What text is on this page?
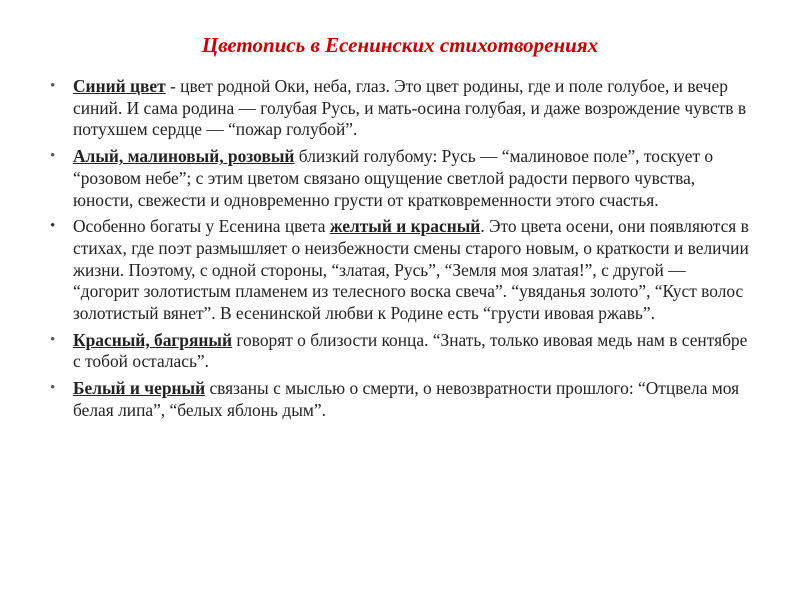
Цветопись в Есенинских стихотворениях
•	Синий цвет - цвет родной Оки, неба, глаз. Это цвет родины, где и поле голубое, и вечер синий. И сама родина — голубая Русь, и мать-осина голубая, и даже возрождение чувств в потухшем сердце — “пожар голубой”.
•	Алый, малиновый, розовый близкий голубому: Русь — “малиновое поле”, тоскует о “розовом небе”; с этим цветом связано ощущение светлой радости первого чувства, юности, свежести и одновременно грусти от кратковременности этого счастья.
•	Особенно богаты у Есенина цвета желтый и красный. Это цвета осени, они появляются в стихах, где поэт размышляет о неизбежности смены старого новым, о краткости и величии жизни. Поэтому, с одной стороны, “златая, Русь”, “Земля моя златая!”, с другой — “догорит золотистым пламенем из телесного воска свеча”. “увяданья золото”, “Куст волос золотистый вянет”. В есенинской любви к Родине есть “грусти ивовая ржавь”.
•	Красный, багряный говорят о близости конца. “Знать, только ивовая медь нам в сентябре с тобой осталась”.
•	Белый и черный связаны с мыслью о смерти, о невозвратности прошлого: “Отцвела моя белая липа”, “белых яблонь дым”.
